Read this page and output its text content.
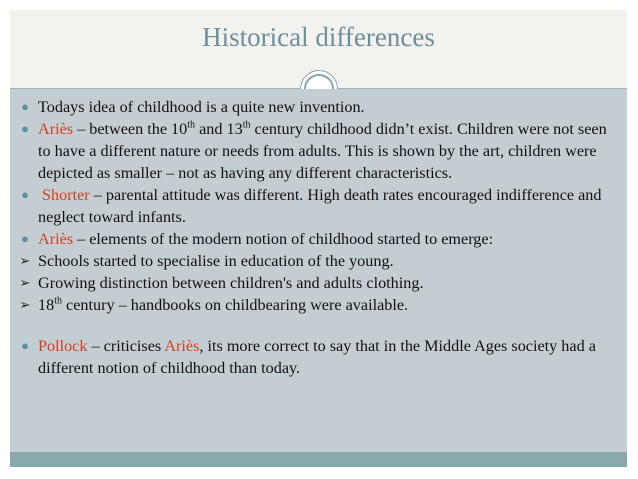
Historical differences

● Todays idea of childhood is a quite new invention.

● Ariès – between the 10th and 13th century childhood didn’t exist. Children were not seen to have a different nature or needs from adults. This is shown by the art, children were depicted as smaller – not as having any different characteristics.

● Shorter – parental attitude was different. High death rates encouraged indifference and neglect toward infants.

● Ariès – elements of the modern notion of childhood started to emerge:

➢ Schools started to specialise in education of the young.

➢ Growing distinction between children's and adults clothing.

➢ 18th century – handbooks on childbearing were available.

● Pollock – criticises Ariès, its more correct to say that in the Middle Ages society had a different notion of childhood than today.
